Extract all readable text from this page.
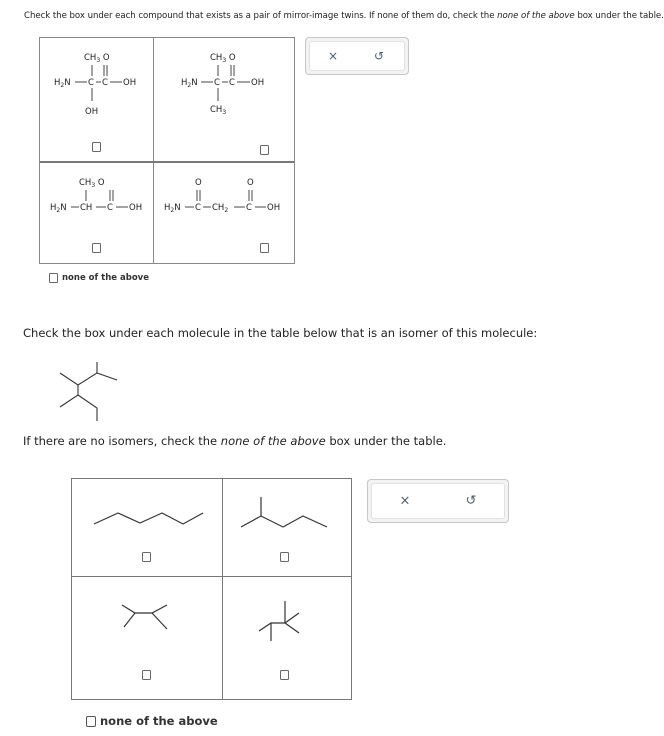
Check the box under each compound that exists as a pair of mirror-image twins. If none of them do, check the none of the above box under the table.
$CH_3$ O
$H_2N$ C C OH
OH
$CH_3$ O
$H_2N$ C C OH
$CH_3$
$CH_3$ O
$H_2N$ CH C OH
O	O
$H_2N$ C $CH_2$ C OH
none of the above
×	↺
Check the box under each molecule in the table below that is an isomer of this molecule:
If there are no isomers, check the none of the above box under the table.
none of the above
×	↺
